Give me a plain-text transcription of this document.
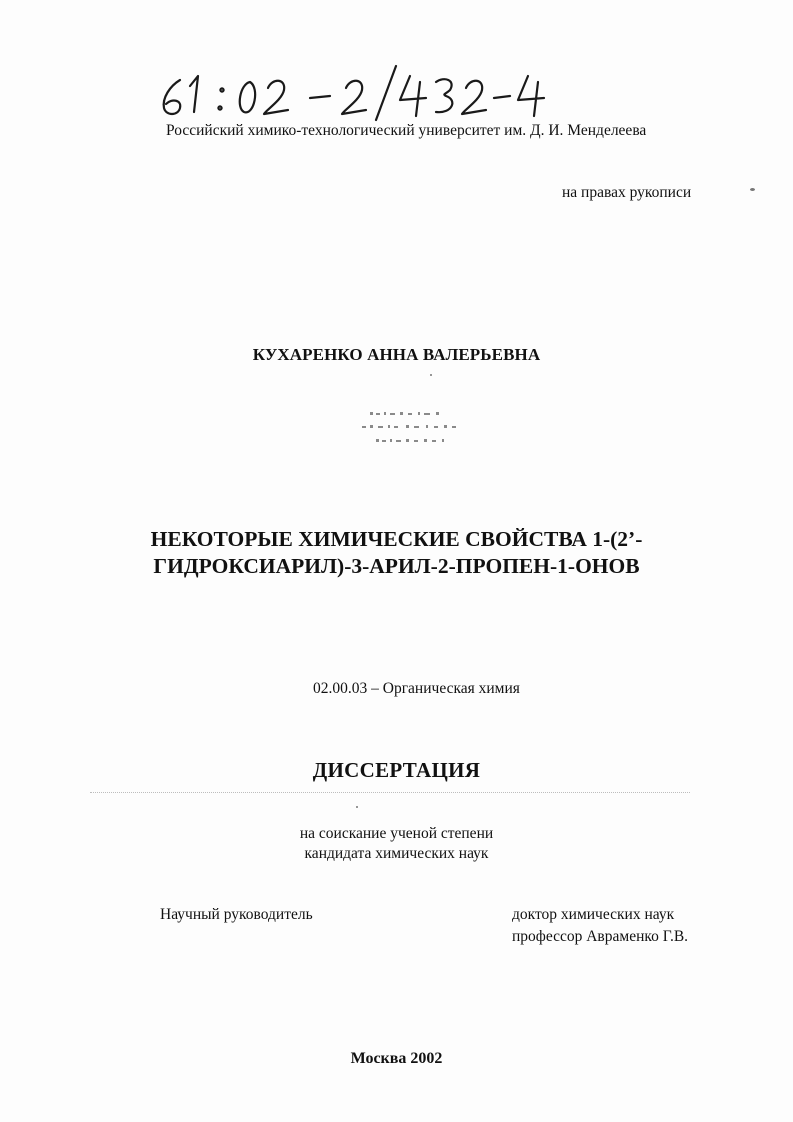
Российский химико-технологический университет им. Д. И. Менделеева
на правах рукописи
КУХАРЕНКО АННА ВАЛЕРЬЕВНА
НЕКОТОРЫЕ ХИМИЧЕСКИЕ СВОЙСТВА 1-(2’-
ГИДРОКСИАРИЛ)-3-АРИЛ-2-ПРОПЕН-1-ОНОВ
02.00.03 – Органическая химия
ДИССЕРТАЦИЯ
на соискание ученой степени
кандидата химических наук
Научный руководитель	доктор химических наук
профессор Авраменко Г.В.
Москва 2002
